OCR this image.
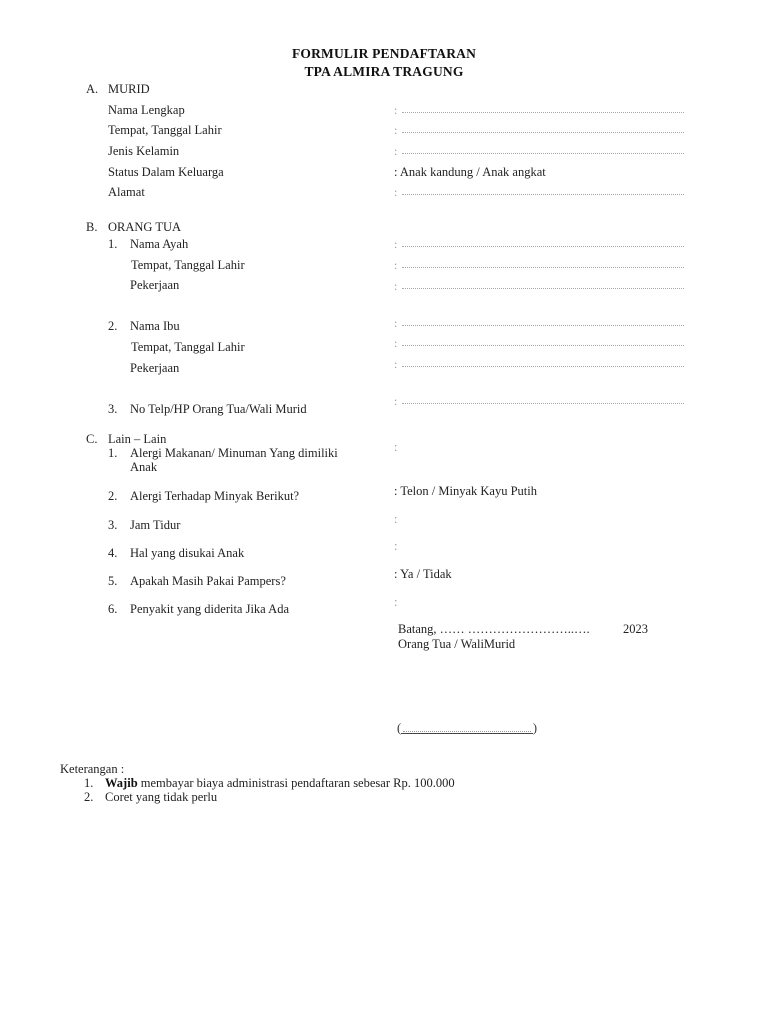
FORMULIR PENDAFTARAN
TPA ALMIRA TRAGUNG
A. MURID
Nama Lengkap	:
Tempat, Tanggal Lahir	:
Jenis Kelamin	:
Status Dalam Keluarga	: Anak kandung / Anak angkat
Alamat	:
B. ORANG TUA
1. Nama Ayah	:
Tempat, Tanggal Lahir	:
Pekerjaan	:
2. Nama Ibu	:
Tempat, Tanggal Lahir	:
Pekerjaan	:
3. No Telp/HP Orang Tua/Wali Murid
:
C. Lain – Lain
1. Alergi Makanan/ Minuman Yang dimiliki
Anak
:
2. Alergi Terhadap Minyak Berikut?	: Telon / Minyak Kayu Putih
3. Jam Tidur	:
4. Hal yang disukai Anak	:
5. Apakah Masih Pakai Pampers?	: Ya / Tidak
6. Penyakit yang diderita Jika Ada	:
Batang, …… ……………………..….	2023
Orang Tua / WaliMurid
(	)
Keterangan :
1. Wajib membayar biaya administrasi pendaftaran sebesar Rp. 100.000
2. Coret yang tidak perlu
